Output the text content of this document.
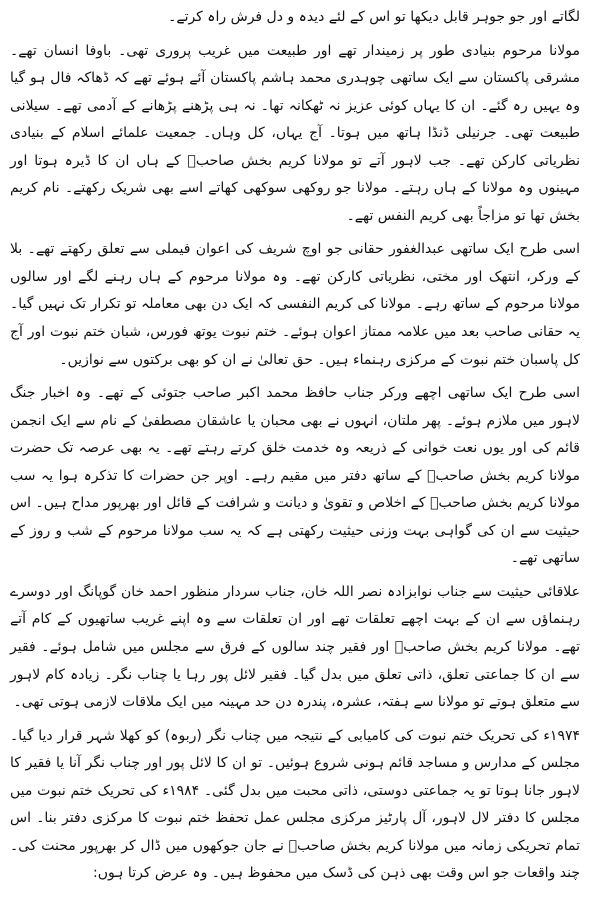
لگاتے اور جو جوہر قابل دیکھا تو اس کے لئے دیدہ و دل فرش راہ کرتے۔

مولانا مرحوم بنیادی طور پر زمیندار تھے اور طبیعت میں غریب پروری تھی۔ باوفا انسان تھے۔ مشرقی پاکستان سے ایک ساتھی چوہدری محمد ہاشم پاکستان آئے ہوئے تھے کہ ڈھاکہ فال ہو گیا وہ یہیں رہ گئے۔ ان کا یہاں کوئی عزیز نہ ٹھکانہ تھا۔ نہ ہی پڑھنے پڑھانے کے آدمی تھے۔ سیلانی طبیعت تھی۔ جرنیلی ڈنڈا ہاتھ میں ہوتا۔ آج یہاں، کل وہاں۔ جمعیت علمائے اسلام کے بنیادی نظریاتی کارکن تھے۔ جب لاہور آتے تو مولانا کریم بخش صاحبؒ کے ہاں ان کا ڈیرہ ہوتا اور مہینوں وہ مولانا کے ہاں رہتے۔ مولانا جو روکھی سوکھی کھاتے اسے بھی شریک رکھتے۔ نام کریم بخش تھا تو مزاجاً بھی کریم النفس تھے۔

اسی طرح ایک ساتھی عبدالغفور حقانی جو اوچ شریف کی اعوان فیملی سے تعلق رکھتے تھے۔ بلا کے ورکر، انتھک اور مختی، نظریاتی کارکن تھے۔ وہ مولانا مرحوم کے ہاں رہنے لگے اور سالوں مولانا مرحوم کے ساتھ رہے۔ مولانا کی کریم النفسی کہ ایک دن بھی معاملہ تو تکرار تک نہیں گیا۔ یہ حقانی صاحب بعد میں علامہ ممتاز اعوان ہوئے۔ ختم نبوت یوتھ فورس، شبان ختم نبوت اور آج کل پاسبان ختم نبوت کے مرکزی رہنماء ہیں۔ حق تعالیٰ نے ان کو بھی برکتوں سے نوازیں۔

اسی طرح ایک ساتھی اچھے ورکر جناب حافظ محمد اکبر صاحب جتوئی کے تھے۔ وہ اخبار جنگ لاہور میں ملازم ہوئے۔ پھر ملتان، انہوں نے بھی محبان یا عاشقان مصطفیٰ کے نام سے ایک انجمن قائم کی اور یوں نعت خوانی کے ذریعہ وہ خدمت خلق کرتے رہتے تھے۔ یہ بھی عرصہ تک حضرت مولانا کریم بخش صاحبؒ کے ساتھ دفتر میں مقیم رہے۔ اوپر جن حضرات کا تذکرہ ہوا یہ سب مولانا کریم بخش صاحبؒ کے اخلاص و تقویٰ و دیانت و شرافت کے قائل اور بھرپور مداح ہیں۔ اس حیثیت سے ان کی گواہی بہت وزنی حیثیت رکھتی ہے کہ یہ سب مولانا مرحوم کے شب و روز کے ساتھی تھے۔

علاقائی حیثیت سے جناب نوابزادہ نصر اللہ خان، جناب سردار منظور احمد خان گوپانگ اور دوسرے رہنماؤں سے ان کے بہت اچھے تعلقات تھے اور ان تعلقات سے وہ اپنے غریب ساتھیوں کے کام آتے تھے۔ مولانا کریم بخش صاحبؒ اور فقیر چند سالوں کے فرق سے مجلس میں شامل ہوئے۔ فقیر سے ان کا جماعتی تعلق، ذاتی تعلق میں بدل گیا۔ فقیر لائل پور رہا یا چناب نگر۔ زیادہ کام لاہور سے متعلق ہوتے تو مولانا سے ہفتہ، عشرہ، پندرہ دن حد مہینہ میں ایک ملاقات لازمی ہوتی تھی۔

۱۹۷۴ء کی تحریک ختم نبوت کی کامیابی کے نتیجہ میں چناب نگر (ربوہ) کو کھلا شہر قرار دیا گیا۔ مجلس کے مدارس و مساجد قائم ہونی شروع ہوئیں۔ تو ان کا لائل پور اور چناب نگر آنا یا فقیر کا لاہور جانا ہوتا تو یہ جماعتی دوستی، ذاتی محبت میں بدل گئی۔ ۱۹۸۴ء کی تحریک ختم نبوت میں مجلس کا دفتر لال لاہور، آل پارٹیز مرکزی مجلس عمل تحفظ ختم نبوت کا مرکزی دفتر بنا۔ اس تمام تحریکی زمانہ میں مولانا کریم بخش صاحبؒ نے جان جوکھوں میں ڈال کر بھرپور محنت کی۔ چند واقعات جو اس وقت بھی ذہن کی ڈسک میں محفوظ ہیں۔ وہ عرض کرتا ہوں:
